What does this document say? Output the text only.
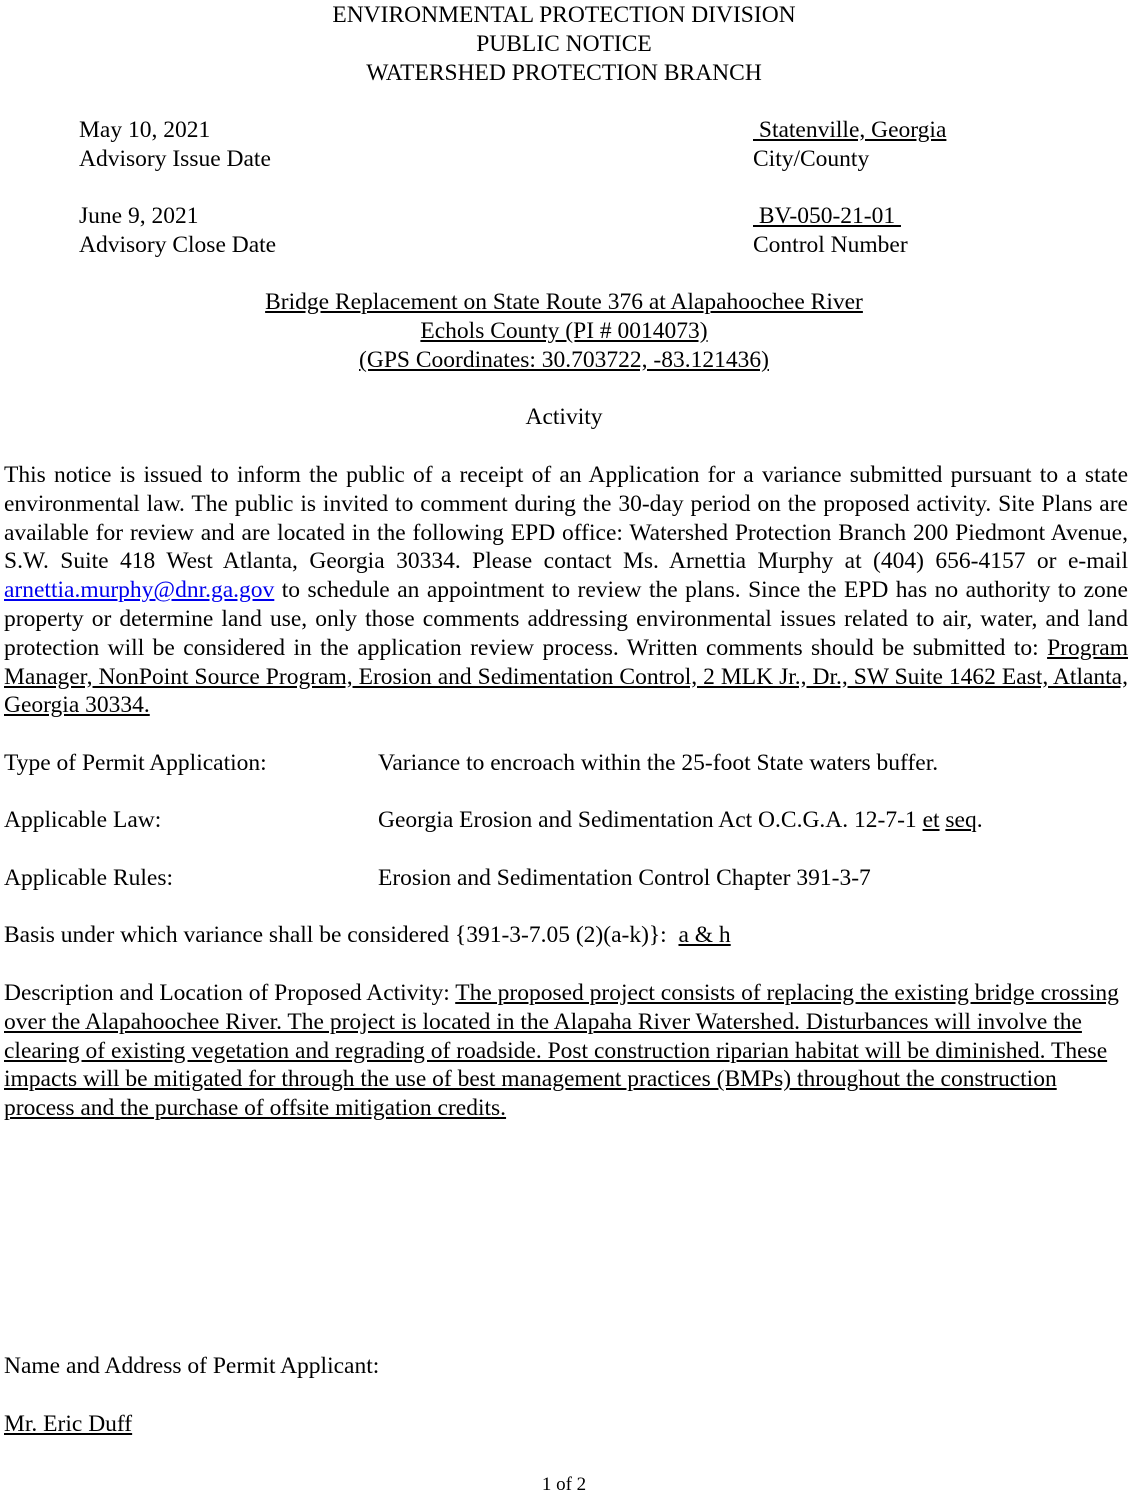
ENVIRONMENTAL PROTECTION DIVISION
PUBLIC NOTICE
WATERSHED PROTECTION BRANCH
May 10, 2021
Advisory Issue Date
Statenville, Georgia
City/County
June 9, 2021
Advisory Close Date
BV-050-21-01
Control Number
Bridge Replacement on State Route 376 at Alapahoochee River
Echols County (PI # 0014073)
(GPS Coordinates: 30.703722, -83.121436)
Activity
This notice is issued to inform the public of a receipt of an Application for a variance submitted pursuant to a state environmental law. The public is invited to comment during the 30-day period on the proposed activity. Site Plans are available for review and are located in the following EPD office: Watershed Protection Branch 200 Piedmont Avenue, S.W. Suite 418 West Atlanta, Georgia 30334. Please contact Ms. Arnettia Murphy at (404) 656-4157 or e-mail arnettia.murphy@dnr.ga.gov to schedule an appointment to review the plans. Since the EPD has no authority to zone property or determine land use, only those comments addressing environmental issues related to air, water, and land protection will be considered in the application review process. Written comments should be submitted to: Program Manager, NonPoint Source Program, Erosion and Sedimentation Control, 2 MLK Jr., Dr., SW Suite 1462 East, Atlanta, Georgia 30334.
Type of Permit Application:	Variance to encroach within the 25-foot State waters buffer.
Applicable Law:	Georgia Erosion and Sedimentation Act O.C.G.A. 12-7-1 et seq.
Applicable Rules:	Erosion and Sedimentation Control Chapter 391-3-7
Basis under which variance shall be considered {391-3-7.05 (2)(a-k)}:  a & h
Description and Location of Proposed Activity: The proposed project consists of replacing the existing bridge crossing over the Alapahoochee River. The project is located in the Alapaha River Watershed. Disturbances will involve the clearing of existing vegetation and regrading of roadside. Post construction riparian habitat will be diminished. These impacts will be mitigated for through the use of best management practices (BMPs) throughout the construction process and the purchase of offsite mitigation credits.
Name and Address of Permit Applicant:
Mr. Eric Duff
1 of 2
